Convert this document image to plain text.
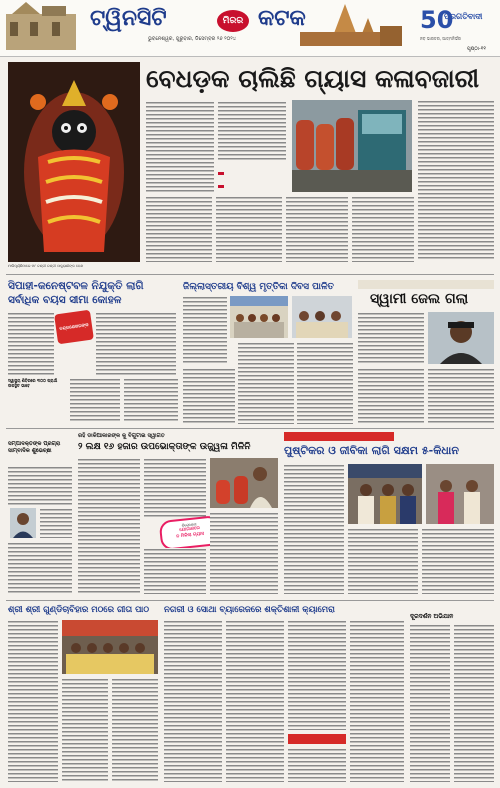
ଟ୍ୱିନସିଟି	ମିରର କଟକ
ଭୁବନେଶ୍ୱର, ଗୁରୁବାର, ଡିସେମ୍ବର ୨୬ ୨୦୨୪
50
ପ୍ରଗତିବାଦୀ
ନବ ଭାରତର, ଆତ୍ମନିର୍ଭର
ପୃଷ୍ଠା-୧୧
ମାଘିପୂର୍ଣ୍ଣିମାରେ ମା' ଚଣ୍ଡୀ ଚଣ୍ଡୀ ଠାକୁରାଣୀଙ୍କ ବେଶ
ବେଧଡ଼କ ଚାଲିଛି ଗ୍ୟାସ କଳାବଜାରୀ
ସିପାହୀ-କନେଷ୍ଟବଳ ନିଯୁକ୍ତି ଲାଗି
ସର୍ବାଧିକ ବୟସ ସୀମା କୋହଳ
ଚନ୍ଦ୍ରଶେଖରଙ୍କ
ସ୍ୱାସ୍ଥ୍ୟ ଶିବିରରେ ୩୦୦ ପ୍ରାର୍ଥୀ ଉପସ୍ଥିତ ଭାବେ
ଜିଲ୍ଲାସ୍ତରୀୟ ବିଶ୍ୱ ମୃତ୍ତିକା ଦିବସ ପାଳିତ
ସ୍ୱାମୀ ଜେଲ ଗଲା
ସମ୍ପାଦକ୍ତିଙ୍କ ପ୍ରଗ୍ରା ସାମ୍ବାଦିକ ଶୁଭେଚ୍ଛା
ରହି ଡାକିଆକାରଙ୍କ କୁ ବିଗୁଟାଇ ସ୍ୱାଗତ
୨ ଲକ୍ଷ ୧୬ ହଜାର ଉପଭୋକ୍ତାଙ୍କ ଉଜ୍ଜ୍ୱଳା ମିଳିନି
ବିରୋଧରେ
ଯୋଗାଣରେ
ନ ମିଳିଲା ଗ୍ୟାସ
ପୁଷ୍ଟିକର ଓ ଜୀବିକା ଲାଗି ସକ୍ଷମ ୫-କିଧାନ
ଶ୍ରୀ ଶ୍ରୀ ଗୁଣ୍ଡିଚାବିହାର ମଠରେ ଗୀତା ପାଠ	ନଗରୀ ଓ ସୋଥା ବ୍ୟାରେଜରେ ଶକ୍ତିଶାଳୀ କ୍ୟାମେରା
ଦୂରଦର୍ଶନ ଅଭିଯାନ
